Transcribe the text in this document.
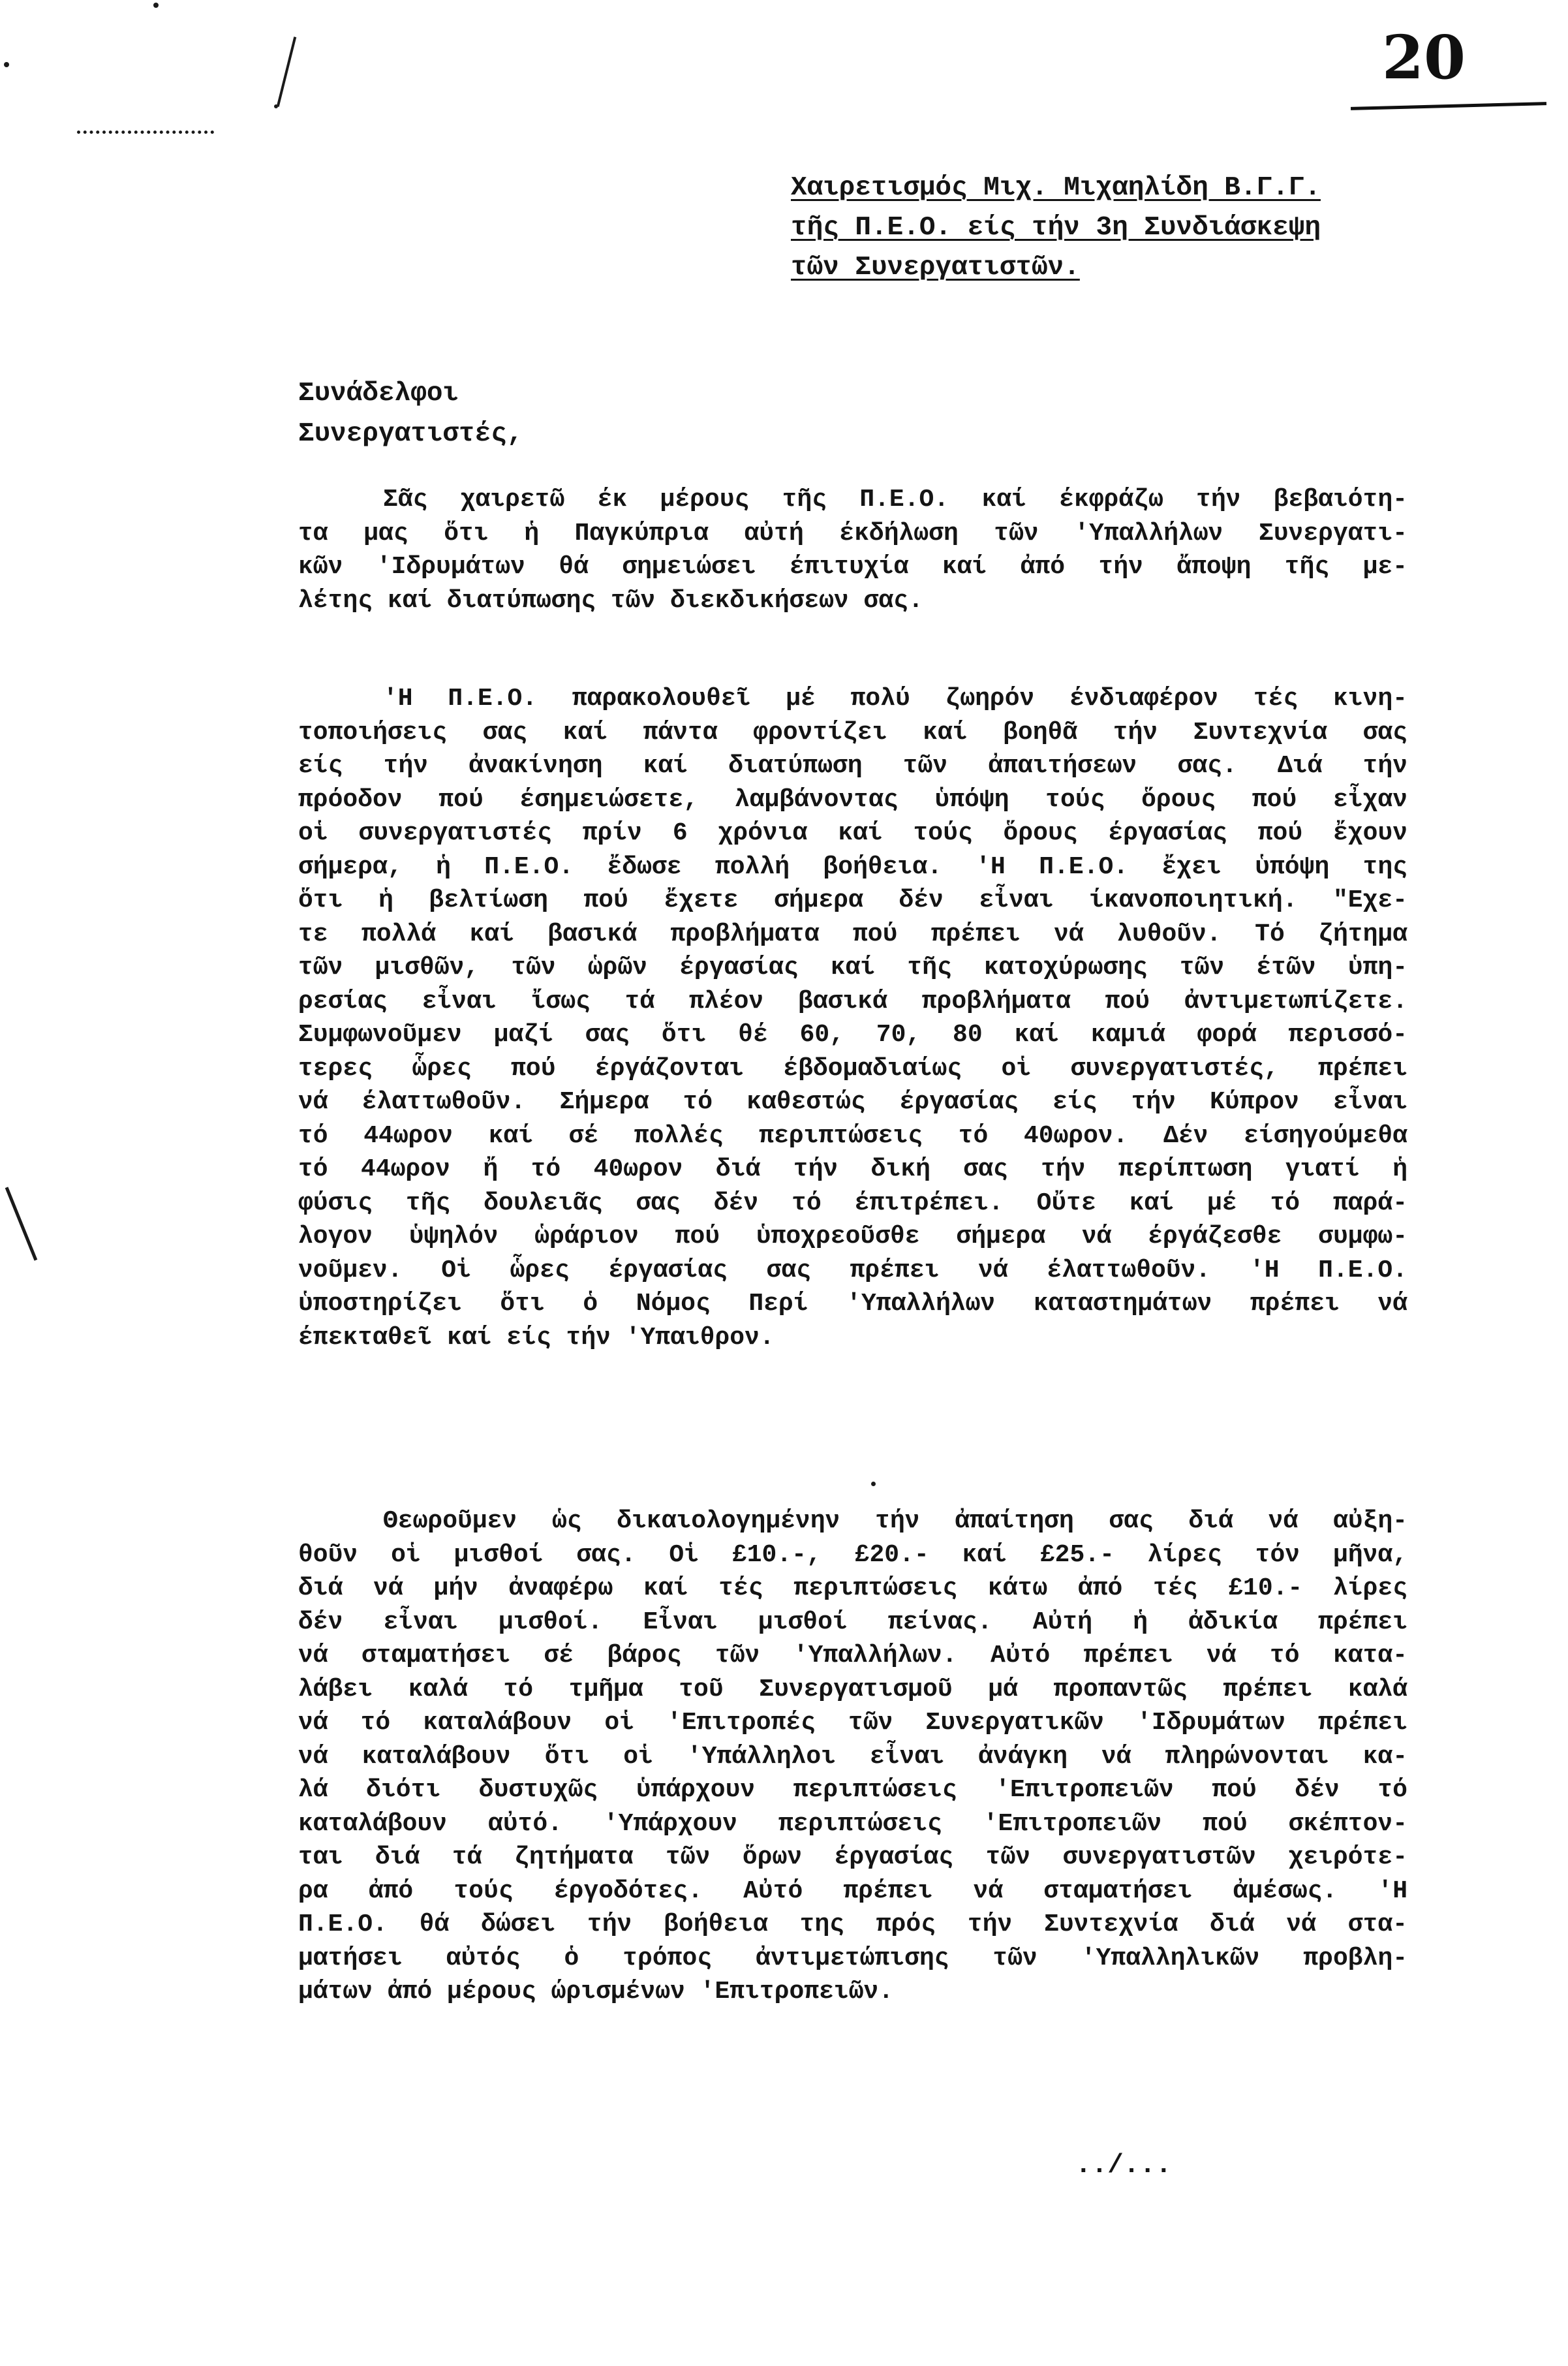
20
Χαιρετισμός Μιχ. Μιχαηλίδη Β.Γ.Γ.
τῆς Π.Ε.Ο. είς τήν 3η Συνδιάσκεψη
τῶν Συνεργατιστῶν.
Συνάδελφοι
Συνεργατιστές,
Σᾶς χαιρετῶ έκ μέρους τῆς Π.Ε.Ο. καί έκφράζω τήν βεβαιότη-
τα μας ὅτι ἡ Παγκύπρια αὐτή έκδήλωση τῶν 'Υπαλλήλων Συνεργατι-
κῶν 'Ιδρυμάτων θά σημειώσει έπιτυχία καί ἀπό τήν ἄποψη τῆς με-
λέτης καί διατύπωσης τῶν διεκδικήσεων σας.
'Η Π.Ε.Ο. παρακολουθεῖ μέ πολύ ζωηρόν ένδιαφέρον τές κινη-
τοποιήσεις σας καί πάντα φροντίζει καί βοηθᾶ τήν Συντεχνία σας
είς τήν ἀνακίνηση καί διατύπωση τῶν ἀπαιτήσεων σας. Διά τήν
πρόοδον πού έσημειώσετε, λαμβάνοντας ὑπόψη τούς ὅρους πού εἶχαν
οἱ συνεργατιστές πρίν 6 χρόνια καί τούς ὅρους έργασίας πού ἔχουν
σήμερα, ἡ Π.Ε.Ο. ἔδωσε πολλή βοήθεια. 'Η Π.Ε.Ο. ἔχει ὑπόψη της
ὅτι ἡ βελτίωση πού ἔχετε σήμερα δέν εἶναι ίκανοποιητική. "Εχε-
τε πολλά καί βασικά προβλήματα πού πρέπει νά λυθοῦν. Τό ζήτημα
τῶν μισθῶν, τῶν ὡρῶν έργασίας καί τῆς κατοχύρωσης τῶν έτῶν ὑπη-
ρεσίας εἶναι ἴσως τά πλέον βασικά προβλήματα πού ἀντιμετωπίζετε.
Συμφωνοῦμεν μαζί σας ὅτι θέ 60, 70, 80 καί καμιά φορά περισσό-
τερες ὧρες πού έργάζονται έβδομαδιαίως οἱ συνεργατιστές, πρέπει
νά έλαττωθοῦν. Σήμερα τό καθεστώς έργασίας είς τήν Κύπρον εἶναι
τό 44ωρον καί σέ πολλές περιπτώσεις τό 40ωρον. Δέν είσηγούμεθα
τό 44ωρον ἤ τό 40ωρον διά τήν δική σας τήν περίπτωση γιατί ἡ
φύσις τῆς δουλειᾶς σας δέν τό έπιτρέπει. Οὔτε καί μέ τό παρά-
λογον ὑψηλόν ὡράριον πού ὑποχρεοῦσθε σήμερα νά έργάζεσθε συμφω-
νοῦμεν. Οἱ ὧρες έργασίας σας πρέπει νά έλαττωθοῦν. 'Η Π.Ε.Ο.
ὑποστηρίζει ὅτι ὁ Νόμος Περί 'Υπαλλήλων καταστημάτων πρέπει νά
έπεκταθεῖ καί είς τήν 'Υπαιθρον.
Θεωροῦμεν ὡς δικαιολογημένην τήν ἀπαίτηση σας διά νά αὐξη-
θοῦν οἱ μισθοί σας. Οἱ £10.-, £20.- καί £25.- λίρες τόν μῆνα,
διά νά μήν ἀναφέρω καί τές περιπτώσεις κάτω ἀπό τές £10.- λίρες
δέν εἶναι μισθοί. Εἶναι μισθοί πείνας. Αὐτή ἡ ἀδικία πρέπει
νά σταματήσει σέ βάρος τῶν 'Υπαλλήλων. Αὐτό πρέπει νά τό κατα-
λάβει καλά τό τμῆμα τοῦ Συνεργατισμοῦ μά προπαντῶς πρέπει καλά
νά τό καταλάβουν οἱ 'Επιτροπές τῶν Συνεργατικῶν 'Ιδρυμάτων πρέπει
νά καταλάβουν ὅτι οἱ 'Υπάλληλοι εἶναι ἀνάγκη νά πληρώνονται κα-
λά διότι δυστυχῶς ὑπάρχουν περιπτώσεις 'Επιτροπειῶν πού δέν τό
καταλάβουν αὐτό. 'Υπάρχουν περιπτώσεις 'Επιτροπειῶν πού σκέπτον-
ται διά τά ζητήματα τῶν ὅρων έργασίας τῶν συνεργατιστῶν χειρότε-
ρα ἀπό τούς έργοδότες. Αὐτό πρέπει νά σταματήσει ἀμέσως. 'Η
Π.Ε.Ο. θά δώσει τήν βοήθεια της πρός τήν Συντεχνία διά νά στα-
ματήσει αὐτός ὁ τρόπος ἀντιμετώπισης τῶν 'Υπαλληλικῶν προβλη-
μάτων ἀπό μέρους ώρισμένων 'Επιτροπειῶν.
../...
